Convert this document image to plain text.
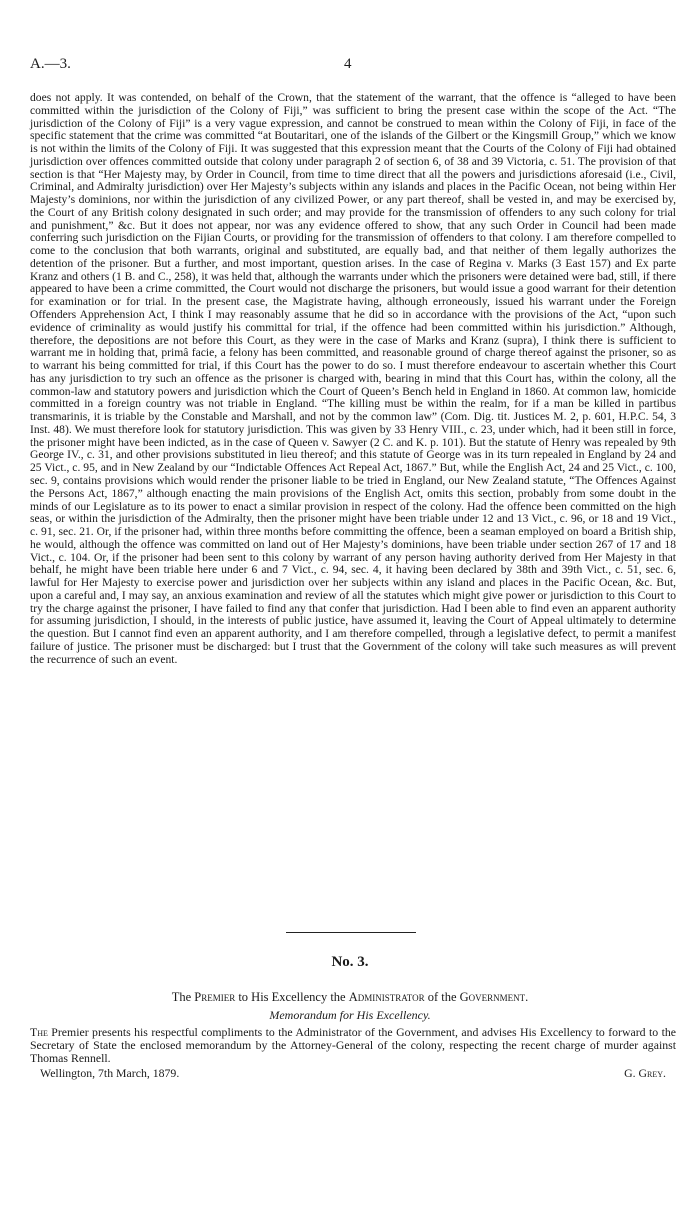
A.—3.	4

does not apply. It was contended, on behalf of the Crown, that the statement of the warrant, that the offence is “alleged to have been committed within the jurisdiction of the Colony of Fiji,” was sufficient to bring the present case within the scope of the Act. “The jurisdiction of the Colony of Fiji” is a very vague expression, and cannot be construed to mean within the Colony of Fiji, in face of the specific statement that the crime was committed “at Boutaritari, one of the islands of the Gilbert or the Kingsmill Group,” which we know is not within the limits of the Colony of Fiji. It was suggested that this expression meant that the Courts of the Colony of Fiji had obtained jurisdiction over offences committed outside that colony under paragraph 2 of section 6, of 38 and 39 Victoria, c. 51. The provision of that section is that “Her Majesty may, by Order in Council, from time to time direct that all the powers and jurisdictions aforesaid (i.e., Civil, Criminal, and Admiralty jurisdiction) over Her Majesty’s subjects within any islands and places in the Pacific Ocean, not being within Her Majesty’s dominions, nor within the jurisdiction of any civilized Power, or any part thereof, shall be vested in, and may be exercised by, the Court of any British colony designated in such order; and may provide for the transmission of offenders to any such colony for trial and punishment,” &c. But it does not appear, nor was any evidence offered to show, that any such Order in Council had been made conferring such jurisdiction on the Fijian Courts, or providing for the transmission of offenders to that colony. I am therefore compelled to come to the conclusion that both warrants, original and substituted, are equally bad, and that neither of them legally authorizes the detention of the prisoner. But a further, and most important, question arises. In the case of Regina v. Marks (3 East 157) and Ex parte Kranz and others (1 B. and C., 258), it was held that, although the warrants under which the prisoners were detained were bad, still, if there appeared to have been a crime committed, the Court would not discharge the prisoners, but would issue a good warrant for their detention for examination or for trial. In the present case, the Magistrate having, although erroneously, issued his warrant under the Foreign Offenders Apprehension Act, I think I may reasonably assume that he did so in accordance with the provisions of the Act, “upon such evidence of criminality as would justify his committal for trial, if the offence had been committed within his jurisdiction.” Although, therefore, the depositions are not before this Court, as they were in the case of Marks and Kranz (supra), I think there is sufficient to warrant me in holding that, primâ facie, a felony has been committed, and reasonable ground of charge thereof against the prisoner, so as to warrant his being committed for trial, if this Court has the power to do so. I must therefore endeavour to ascertain whether this Court has any jurisdiction to try such an offence as the prisoner is charged with, bearing in mind that this Court has, within the colony, all the common-law and statutory powers and jurisdiction which the Court of Queen’s Bench held in England in 1860. At common law, homicide committed in a foreign country was not triable in England. “The killing must be within the realm, for if a man be killed in partibus transmarinis, it is triable by the Constable and Marshall, and not by the common law” (Com. Dig. tit. Justices M. 2, p. 601, H.P.C. 54, 3 Inst. 48). We must therefore look for statutory jurisdiction. This was given by 33 Henry VIII., c. 23, under which, had it been still in force, the prisoner might have been indicted, as in the case of Queen v. Sawyer (2 C. and K. p. 101). But the statute of Henry was repealed by 9th George IV., c. 31, and other provisions substituted in lieu thereof; and this statute of George was in its turn repealed in England by 24 and 25 Vict., c. 95, and in New Zealand by our “Indictable Offences Act Repeal Act, 1867.” But, while the English Act, 24 and 25 Vict., c. 100, sec. 9, contains provisions which would render the prisoner liable to be tried in England, our New Zealand statute, “The Offences Against the Persons Act, 1867,” although enacting the main provisions of the English Act, omits this section, probably from some doubt in the minds of our Legislature as to its power to enact a similar provision in respect of the colony. Had the offence been committed on the high seas, or within the jurisdiction of the Admiralty, then the prisoner might have been triable under 12 and 13 Vict., c. 96, or 18 and 19 Vict., c. 91, sec. 21. Or, if the prisoner had, within three months before committing the offence, been a seaman employed on board a British ship, he would, although the offence was committed on land out of Her Majesty’s dominions, have been triable under section 267 of 17 and 18 Vict., c. 104. Or, if the prisoner had been sent to this colony by warrant of any person having authority derived from Her Majesty in that behalf, he might have been triable here under 6 and 7 Vict., c. 94, sec. 4, it having been declared by 38th and 39th Vict., c. 51, sec. 6, lawful for Her Majesty to exercise power and jurisdiction over her subjects within any island and places in the Pacific Ocean, &c. But, upon a careful and, I may say, an anxious examination and review of all the statutes which might give power or jurisdiction to this Court to try the charge against the prisoner, I have failed to find any that confer that jurisdiction. Had I been able to find even an apparent authority for assuming jurisdiction, I should, in the interests of public justice, have assumed it, leaving the Court of Appeal ultimately to determine the question. But I cannot find even an apparent authority, and I am therefore compelled, through a legislative defect, to permit a manifest failure of justice. The prisoner must be discharged: but I trust that the Government of the colony will take such measures as will prevent the recurrence of such an event.

No. 3.
The Premier to His Excellency the Administrator of the Government.
Memorandum for His Excellency.

The Premier presents his respectful compliments to the Administrator of the Government, and advises His Excellency to forward to the Secretary of State the enclosed memorandum by the Attorney-General of the colony, respecting the recent charge of murder against Thomas Rennell.

Wellington, 7th March, 1879.	G. Grey.
